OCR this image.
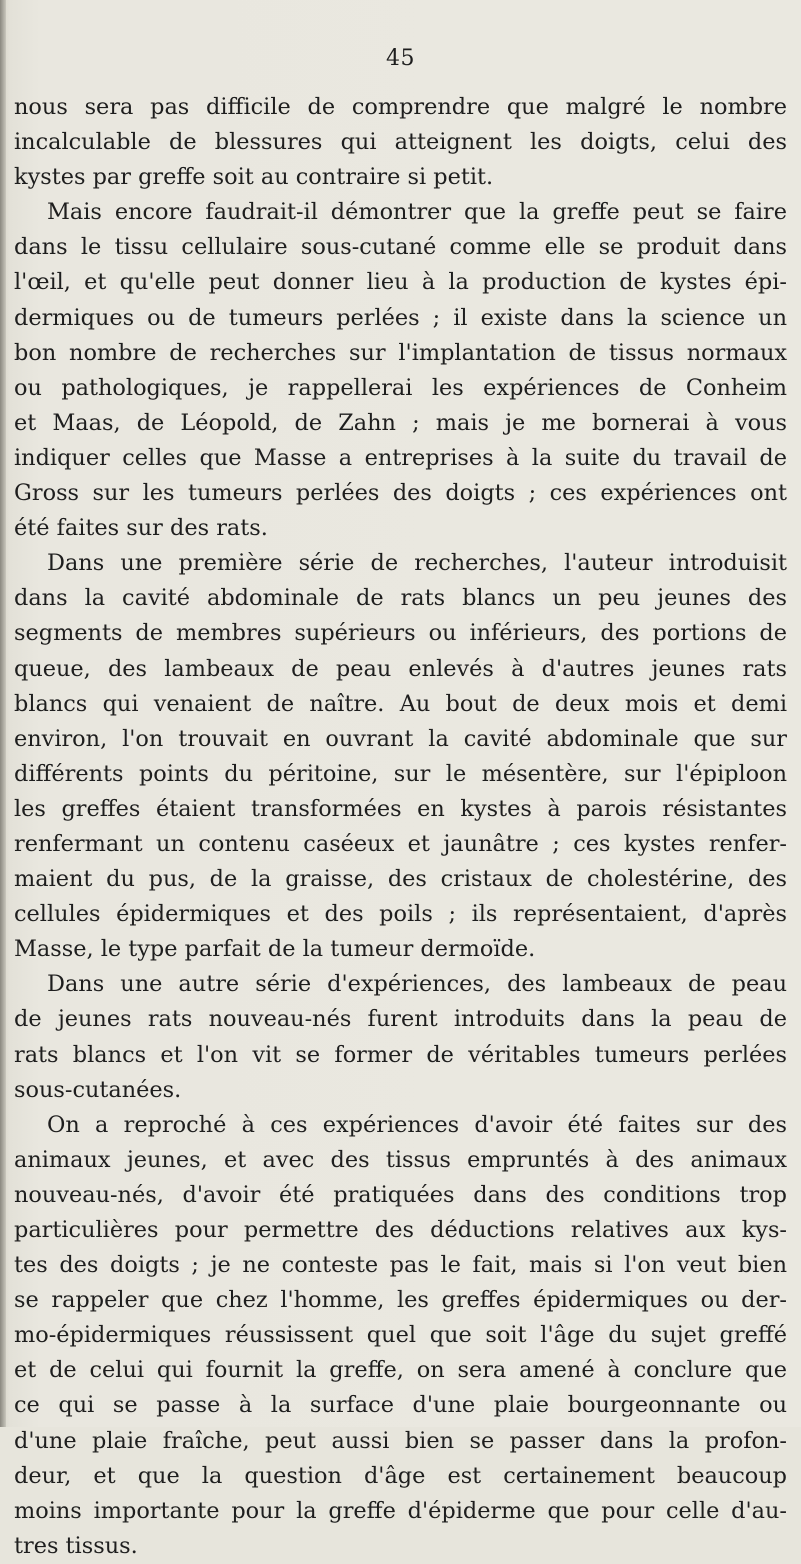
45
nous sera pas difficile de comprendre que malgré le nombre
incalculable de blessures qui atteignent les doigts, celui des
kystes par greffe soit au contraire si petit.
Mais encore faudrait-il démontrer que la greffe peut se faire
dans le tissu cellulaire sous-cutané comme elle se produit dans
l'œil, et qu'elle peut donner lieu à la production de kystes épi-
dermiques ou de tumeurs perlées ; il existe dans la science un
bon nombre de recherches sur l'implantation de tissus normaux
ou pathologiques, je rappellerai les expériences de Conheim
et Maas, de Léopold, de Zahn ; mais je me bornerai à vous
indiquer celles que Masse a entreprises à la suite du travail de
Gross sur les tumeurs perlées des doigts ; ces expériences ont
été faites sur des rats.
Dans une première série de recherches, l'auteur introduisit
dans la cavité abdominale de rats blancs un peu jeunes des
segments de membres supérieurs ou inférieurs, des portions de
queue, des lambeaux de peau enlevés à d'autres jeunes rats
blancs qui venaient de naître. Au bout de deux mois et demi
environ, l'on trouvait en ouvrant la cavité abdominale que sur
différents points du péritoine, sur le mésentère, sur l'épiploon
les greffes étaient transformées en kystes à parois résistantes
renfermant un contenu caséeux et jaunâtre ; ces kystes renfer-
maient du pus, de la graisse, des cristaux de cholestérine, des
cellules épidermiques et des poils ; ils représentaient, d'après
Masse, le type parfait de la tumeur dermoïde.
Dans une autre série d'expériences, des lambeaux de peau
de jeunes rats nouveau-nés furent introduits dans la peau de
rats blancs et l'on vit se former de véritables tumeurs perlées
sous-cutanées.
On a reproché à ces expériences d'avoir été faites sur des
animaux jeunes, et avec des tissus empruntés à des animaux
nouveau-nés, d'avoir été pratiquées dans des conditions trop
particulières pour permettre des déductions relatives aux kys-
tes des doigts ; je ne conteste pas le fait, mais si l'on veut bien
se rappeler que chez l'homme, les greffes épidermiques ou der-
mo-épidermiques réussissent quel que soit l'âge du sujet greffé
et de celui qui fournit la greffe, on sera amené à conclure que
ce qui se passe à la surface d'une plaie bourgeonnante ou
d'une plaie fraîche, peut aussi bien se passer dans la profon-
deur, et que la question d'âge est certainement beaucoup
moins importante pour la greffe d'épiderme que pour celle d'au-
tres tissus.
